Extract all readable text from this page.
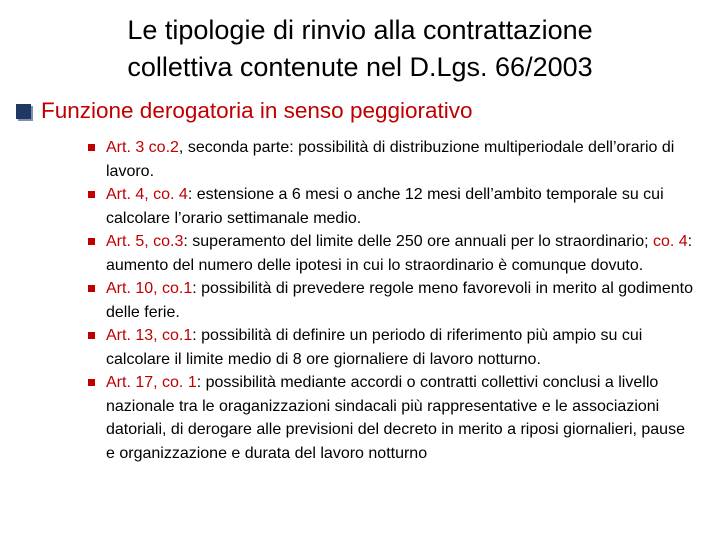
Le tipologie di rinvio alla contrattazione
collettiva contenute nel D.Lgs. 66/2003
Funzione derogatoria in senso peggiorativo
Art. 3 co.2, seconda parte: possibilità di distribuzione multiperiodale dell’orario di lavoro.
Art. 4, co. 4: estensione a 6 mesi o anche 12 mesi dell’ambito temporale su cui calcolare l’orario settimanale medio.
Art. 5, co.3: superamento del limite delle 250 ore annuali per lo straordinario; co. 4: aumento del numero delle ipotesi in cui lo straordinario è comunque dovuto.
Art. 10, co.1: possibilità di prevedere regole meno favorevoli in merito al godimento delle ferie.
Art. 13, co.1: possibilità di definire un periodo di riferimento più ampio su cui calcolare il limite medio di 8 ore giornaliere di lavoro notturno.
Art. 17, co. 1: possibilità mediante accordi o contratti collettivi conclusi a livello nazionale tra le oraganizzazioni sindacali più rappresentative e le associazioni datoriali, di derogare alle previsioni del decreto in merito a riposi giornalieri, pause e organizzazione e durata del lavoro notturno
